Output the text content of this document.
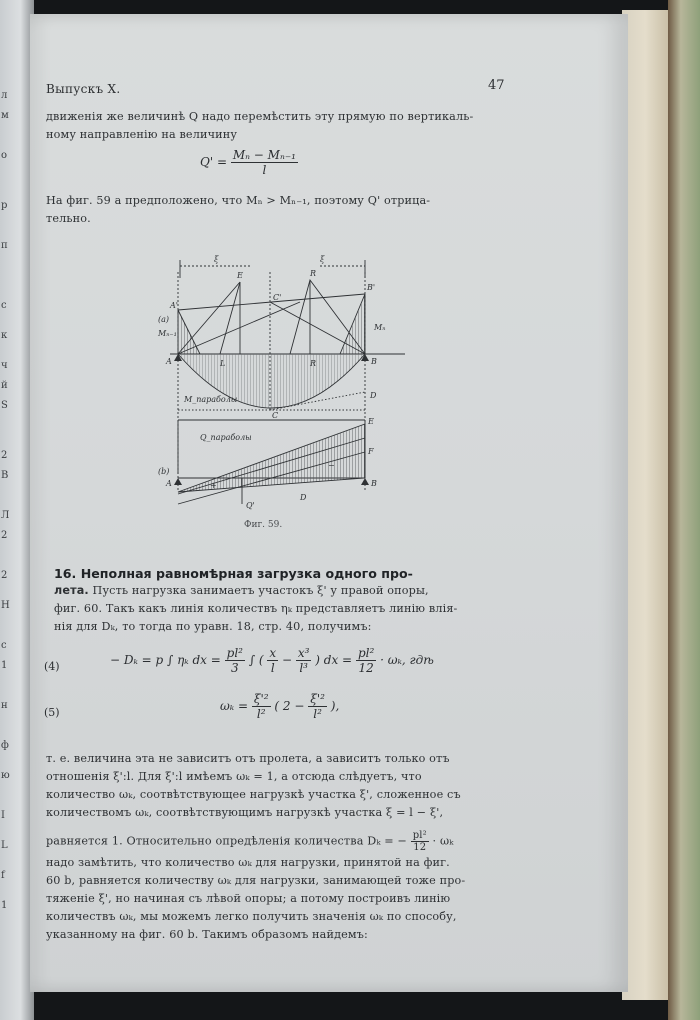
л
м
о
р
п
с
к
ч
й
S
2
В
Л
2
2
H
с
1
н
ф
ю
I
L
f
1
Выпускъ X.	47
движенія же величинѣ Q надо перемѣстить эту прямую по вертикаль-
ному направленію на величину
$Q' = \frac{\text{Mₙ − Mₙ₋₁}}{l}$
На фиг. 59 а предположено, что Mₙ > Mₙ₋₁, поэтому Q' отрица-
тельно.
ξ	ξ
A'
E
C'
R
B'
(a)
Mₙ₋₁
Mₙ
A	L	R	B
C
D
M_параболы
Q_параболы
(b)
E
F
B
A
D
Q'
+
−
Фиг. 59.
16. Неполная равномѣрная загрузка одного про-
лета. Пусть нагрузка занимаетъ участокъ ξ' у правой опоры,
фиг. 60. Такъ какъ линія количествъ ηₖ представляетъ линію влія-
нія для Dₖ, то тогда по уравн. 18, стр. 40, получимъ:
(4)	− Dₖ = p ∫ ηₖ dx = $\frac{\text{pl²}}{3}$ ∫ ( $\frac{x}{l} - \frac{\text{x³}}{\text{l³}}$ ) dx = $\frac{\text{pl²}}{12} \cdot \omega_k$, гдѣ
(5)	$\omega_k = \frac{\text{ξ'²}}{\text{l²}}$ ( $2 - \frac{\text{ξ'²}}{\text{l²}}$ ),
т. е. величина эта не зависитъ отъ пролета, а зависитъ только отъ
отношенія ξ':l. Для ξ':l имѣемъ ωₖ = 1, а отсюда слѣдуетъ, что
количество ωₖ, соотвѣтствующее нагрузкѣ участка ξ', сложенное съ
количествомъ ωₖ, соотвѣтствующимъ нагрузкѣ участка ξ = l − ξ',
равняется 1. Относительно опредѣленія количества Dₖ = − $\frac{\text{pl²}}{12} \cdot \omega_k$
надо замѣтить, что количество ωₖ для нагрузки, принятой на фиг.
60 b, равняется количеству ωₖ для нагрузки, занимающей тоже про-
тяженіе ξ', но начиная съ лѣвой опоры; а потому построивъ линію
количествъ ωₖ, мы можемъ легко получить значенія ωₖ по способу,
указанному на фиг. 60 b. Такимъ образомъ найдемъ:
